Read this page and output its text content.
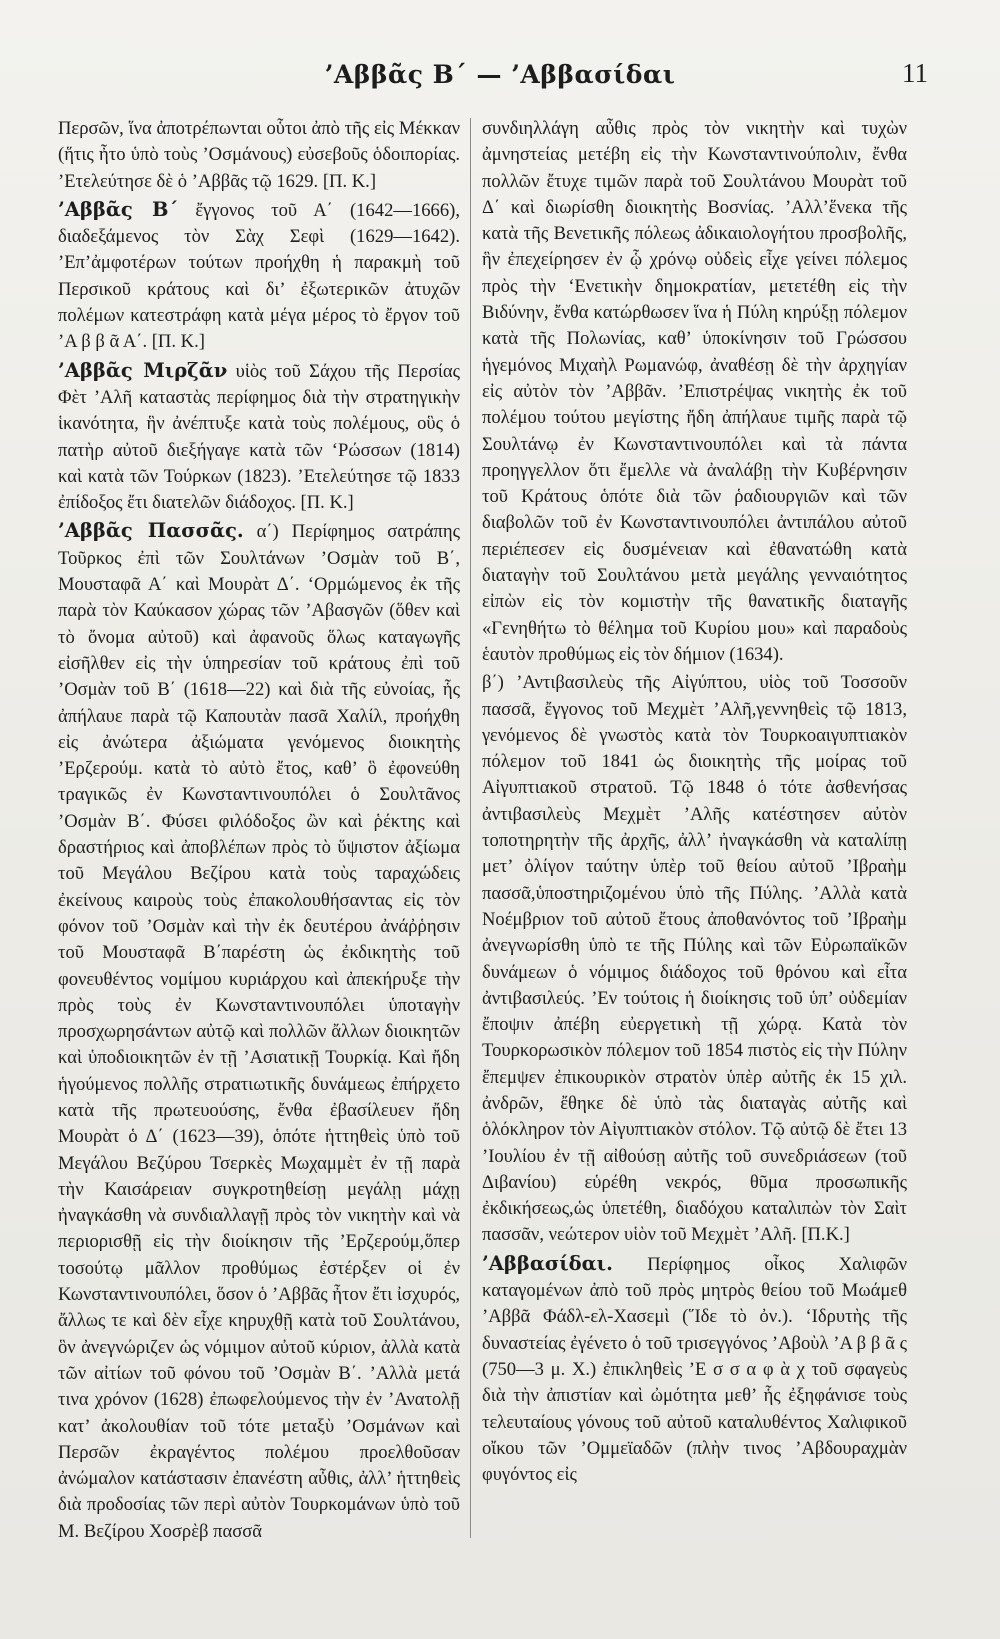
’Αββᾶς Β΄ — ’Αββασίδαι	11

Περσῶν, ἵνα ἀποτρέπωνται οὗτοι ἀπὸ τῆς εἰς Μέκκαν (ἥτις ἦτο ὑπὸ τοὺς ’Οσμάνους) εὐσεβοῦς ὁδοιπορίας. ’Ετελεύτησε δὲ ὁ ’Αββᾶς τῷ 1629. [Π. Κ.]

’Αββᾶς Β΄ ἔγγονος τοῦ Α΄ (1642—1666), διαδεξάμενος τὸν Σὰχ Σεφὶ (1629—1642). ’Επ’ἀμφοτέρων τούτων προήχθη ἡ παρακμὴ τοῦ Περσικοῦ κράτους καὶ δι’ ἐξωτερικῶν ἀτυχῶν πολέμων κατεστράφη κατὰ μέγα μέρος τὸ ἔργον τοῦ ’Α β β ᾶ Α΄. [Π. Κ.]

’Αββᾶς Μιρζᾶν υἱὸς τοῦ Σάχου τῆς Περσίας Φὲτ ’Αλῆ καταστὰς περίφημος διὰ τὴν στρατηγικὴν ἱκανότητα, ἣν ἀνέπτυξε κατὰ τοὺς πολέμους, οὓς ὁ πατὴρ αὐτοῦ διεξήγαγε κατὰ τῶν ‘Ρώσσων (1814) καὶ κατὰ τῶν Τούρκων (1823). ’Ετελεύτησε τῷ 1833 ἐπίδοξος ἔτι διατελῶν διάδοχος. [Π. Κ.]

’Αββᾶς Πασσᾶς. α΄) Περίφημος σατράπης Τοῦρκος ἐπὶ τῶν Σουλτάνων ’Οσμὰν τοῦ Β΄, Μουσταφᾶ Α΄ καὶ Μουρὰτ Δ΄. ‘Ορμώμενος ἐκ τῆς παρὰ τὸν Καύκασον χώρας τῶν ’Αβασγῶν (ὅθεν καὶ τὸ ὄνομα αὐτοῦ) καὶ ἀφανοῦς ὅλως καταγωγῆς εἰσῆλθεν εἰς τὴν ὑπηρεσίαν τοῦ κράτους ἐπὶ τοῦ ’Οσμὰν τοῦ Β΄ (1618—22) καὶ διὰ τῆς εὐνοίας, ἧς ἀπήλαυε παρὰ τῷ Καπουτὰν πασᾶ Χαλίλ, προήχθη εἰς ἀνώτερα ἀξιώματα γενόμενος διοικητὴς ’Ερζερούμ. κατὰ τὸ αὐτὸ ἔτος, καθ’ ὃ ἐφονεύθη τραγικῶς ἐν Κωνσταντινουπόλει ὁ Σουλτᾶνος ’Οσμὰν Β΄. Φύσει φιλόδοξος ὢν καὶ ῥέκτης καὶ δραστήριος καὶ ἀποβλέπων πρὸς τὸ ὕψιστον ἀξίωμα τοῦ Μεγάλου Βεζίρου κατὰ τοὺς ταραχώδεις ἐκείνους καιροὺς τοὺς ἐπακολουθήσαντας εἰς τὸν φόνον τοῦ ’Οσμὰν καὶ τὴν ἐκ δευτέρου ἀνάῤῥησιν τοῦ Μουσταφᾶ Β΄παρέστη ὡς ἐκδικητὴς τοῦ φονευθέντος νομίμου κυριάρχου καὶ ἀπεκήρυξε τὴν πρὸς τοὺς ἐν Κωνσταντινουπόλει ὑποταγὴν προσχωρησάντων αὐτῷ καὶ πολλῶν ἄλλων διοικητῶν καὶ ὑποδιοικητῶν ἐν τῇ ’Ασιατικῇ Τουρκίᾳ. Καὶ ἤδη ἡγούμενος πολλῆς στρατιωτικῆς δυνάμεως ἐπήρχετο κατὰ τῆς πρωτευούσης, ἔνθα ἐβασίλευεν ἤδη Μουρὰτ ὁ Δ΄ (1623—39), ὁπότε ἡττηθεὶς ὑπὸ τοῦ Μεγάλου Βεζύρου Τσερκὲς Μωχαμμὲτ ἐν τῇ παρὰ τὴν Καισάρειαν συγκροτηθείσῃ μεγάλῃ μάχῃ ἠναγκάσθη νὰ συνδιαλλαγῇ πρὸς τὸν νικητὴν καὶ νὰ περιορισθῇ εἰς τὴν διοίκησιν τῆς ’Ερζερούμ,ὅπερ τοσούτῳ μᾶλλον προθύμως ἐστέρξεν οἱ ἐν Κωνσταντινουπόλει, ὅσον ὁ ’Αββᾶς ἦτον ἔτι ἰσχυρός, ἄλλως τε καὶ δὲν εἶχε κηρυχθῇ κατὰ τοῦ Σουλτάνου, ὃν ἀνεγνώριζεν ὡς νόμιμον αὐτοῦ κύριον, ἀλλὰ κατὰ τῶν αἰτίων τοῦ φόνου τοῦ ’Οσμὰν Β΄. ’Αλλὰ μετά τινα χρόνον (1628) ἐπωφελούμενος τὴν ἐν ’Ανατολῇ κατ’ ἀκολουθίαν τοῦ τότε μεταξὺ ’Οσμάνων καὶ Περσῶν ἐκραγέντος πολέμου προελθοῦσαν ἀνώμαλον κατάστασιν ἐπανέστη αὖθις, ἀλλ’ ἡττηθεὶς διὰ προδοσίας τῶν περὶ αὐτὸν Τουρκομάνων ὑπὸ τοῦ Μ. Βεζίρου Χοσρὲβ πασσᾶ

συνδιηλλάγη αὖθις πρὸς τὸν νικητὴν καὶ τυχὼν ἀμνηστείας μετέβη εἰς τὴν Κωνσταντινούπολιν, ἔνθα πολλῶν ἔτυχε τιμῶν παρὰ τοῦ Σουλτάνου Μουρὰτ τοῦ Δ΄ καὶ διωρίσθη διοικητὴς Βοσνίας. ’Αλλ’ἕνεκα τῆς κατὰ τῆς Βενετικῆς πόλεως ἀδικαιολογήτου προσβολῆς, ἣν ἐπεχείρησεν ἐν ᾧ χρόνῳ οὐδεὶς εἶχε γείνει πόλεμος πρὸς τὴν ‘Ενετικὴν δημοκρατίαν, μετετέθη εἰς τὴν Βιδύνην, ἔνθα κατώρθωσεν ἵνα ἡ Πύλη κηρύξῃ πόλεμον κατὰ τῆς Πολωνίας, καθ’ ὑποκίνησιν τοῦ Γρώσσου ἡγεμόνος Μιχαὴλ Ρωμανώφ, ἀναθέσῃ δὲ τὴν ἀρχηγίαν εἰς αὐτὸν τὸν ’Αββᾶν. ’Επιστρέψας νικητὴς ἐκ τοῦ πολέμου τούτου μεγίστης ἤδη ἀπήλαυε τιμῆς παρὰ τῷ Σουλτάνῳ ἐν Κωνσταντινουπόλει καὶ τὰ πάντα προηγγελλον ὅτι ἔμελλε νὰ ἀναλάβῃ τὴν Κυβέρνησιν τοῦ Κράτους ὁπότε διὰ τῶν ῥαδιουργιῶν καὶ τῶν διαβολῶν τοῦ ἐν Κωνσταντινουπόλει ἀντιπάλου αὐτοῦ περιέπεσεν εἰς δυσμένειαν καὶ ἐθανατώθη κατὰ διαταγὴν τοῦ Σουλτάνου μετὰ μεγάλης γενναιότητος εἰπὼν εἰς τὸν κομιστὴν τῆς θανατικῆς διαταγῆς «Γενηθήτω τὸ θέλημα τοῦ Κυρίου μου» καὶ παραδοὺς ἑαυτὸν προθύμως εἰς τὸν δήμιον (1634).

β΄) ’Αντιβασιλεὺς τῆς Αἰγύπτου, υἱὸς τοῦ Τοσσοῦν πασσᾶ, ἔγγονος τοῦ Μεχμὲτ ’Αλῆ,γεννηθεὶς τῷ 1813, γενόμενος δὲ γνωστὸς κατὰ τὸν Τουρκοαιγυπτιακὸν πόλεμον τοῦ 1841 ὡς διοικητὴς τῆς μοίρας τοῦ Αἰγυπτιακοῦ στρατοῦ. Τῷ 1848 ὁ τότε ἀσθενήσας ἀντιβασιλεὺς Μεχμὲτ ’Αλῆς κατέστησεν αὐτὸν τοποτηρητὴν τῆς ἀρχῆς, ἀλλ’ ἠναγκάσθη νὰ καταλίπῃ μετ’ ὀλίγον ταύτην ὑπὲρ τοῦ θείου αὐτοῦ ’Ιβραὴμ πασσᾶ,ὑποστηριζομένου ὑπὸ τῆς Πύλης. ’Αλλὰ κατὰ Νοέμβριον τοῦ αὐτοῦ ἔτους ἀποθανόντος τοῦ ’Ιβραὴμ ἀνεγνωρίσθη ὑπὸ τε τῆς Πύλης καὶ τῶν Εὐρωπαϊκῶν δυνάμεων ὁ νόμιμος διάδοχος τοῦ θρόνου καὶ εἶτα ἀντιβασιλεύς. ’Εν τούτοις ἡ διοίκησις τοῦ ὑπ’ οὐδεμίαν ἔποψιν ἀπέβη εὐεργετικὴ τῇ χώρᾳ. Κατὰ τὸν Τουρκορωσικὸν πόλεμον τοῦ 1854 πιστὸς εἰς τὴν Πύλην ἔπεμψεν ἐπικουρικὸν στρατὸν ὑπὲρ αὐτῆς ἐκ 15 χιλ. ἀνδρῶν, ἔθηκε δὲ ὑπὸ τὰς διαταγὰς αὐτῆς καὶ ὁλόκληρον τὸν Αἰγυπτιακὸν στόλον. Τῷ αὐτῷ δὲ ἔτει 13 ’Ιουλίου ἐν τῇ αἰθούσῃ αὐτῆς τοῦ συνεδριάσεων (τοῦ Διβανίου) εὑρέθη νεκρός, θῦμα προσωπικῆς ἐκδικήσεως,ὡς ὑπετέθη, διαδόχου καταλιπὼν τὸν Σαὶτ πασσᾶν, νεώτερον υἱὸν τοῦ Μεχμὲτ ’Αλῆ. [Π.Κ.]

’Αββασίδαι. Περίφημος οἶκος Χαλιφῶν καταγομένων ἀπὸ τοῦ πρὸς μητρὸς θείου τοῦ Μωάμεθ ’Αββᾶ Φάδλ-ελ-Χασεμὶ (῞Ιδε τὸ ὀν.). ‘Ιδρυτὴς τῆς δυναστείας ἐγένετο ὁ τοῦ τρισεγγόνος ’Αβοὺλ ’Α β β ᾶ ς (750—3 μ. Χ.) ἐπικληθεὶς ’Ε σ σ α φ ὰ χ τοῦ σφαγεὺς διὰ τὴν ἀπιστίαν καὶ ὠμότητα μεθ’ ἧς ἐξηφάνισε τοὺς τελευταίους γόνους τοῦ αὐτοῦ καταλυθέντος Χαλιφικοῦ οἴκου τῶν ’Ομμεϊαδῶν (πλὴν τινος ’Αβδουραχμὰν φυγόντος εἰς
